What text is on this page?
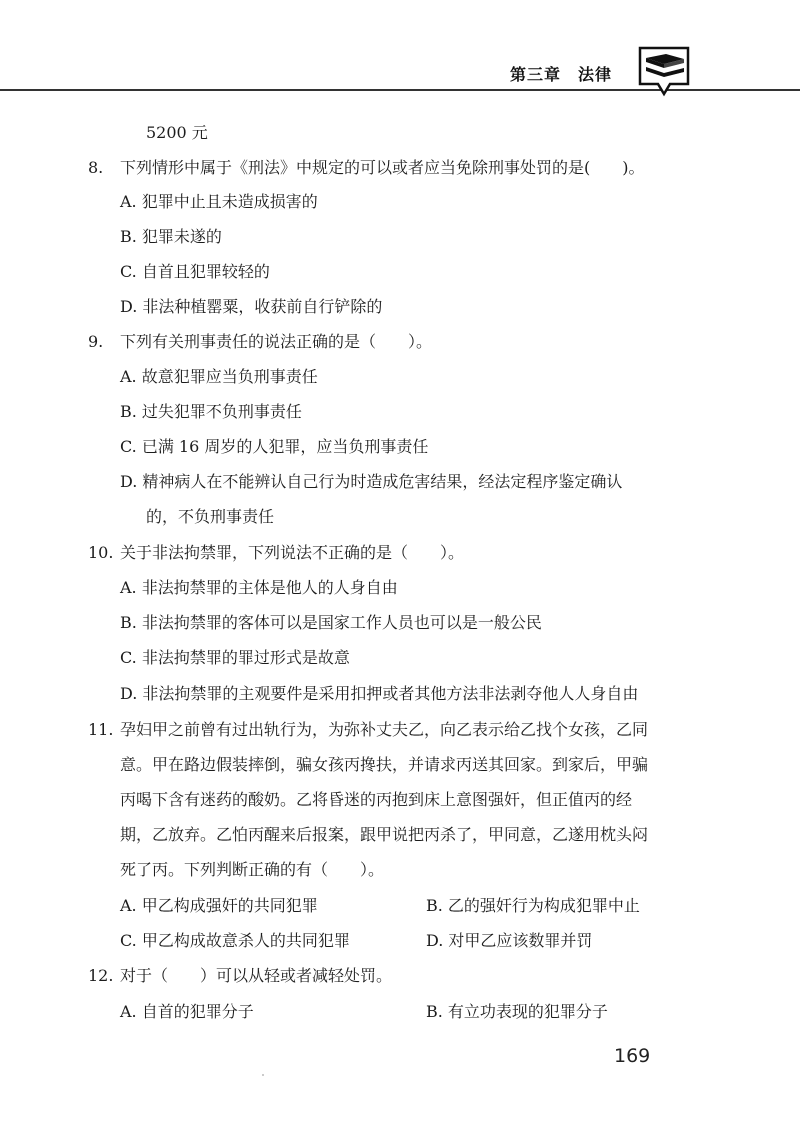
第三章　法律
5200 元
8. 下列情形中属于《刑法》中规定的可以或者应当免除刑事处罚的是(　　)。
A. 犯罪中止且未造成损害的
B. 犯罪未遂的
C. 自首且犯罪较轻的
D. 非法种植罂粟，收获前自行铲除的
9. 下列有关刑事责任的说法正确的是（　　）。
A. 故意犯罪应当负刑事责任
B. 过失犯罪不负刑事责任
C. 已满 16 周岁的人犯罪，应当负刑事责任
D. 精神病人在不能辨认自己行为时造成危害结果，经法定程序鉴定确认
的，不负刑事责任
10. 关于非法拘禁罪，下列说法不正确的是（　　）。
A. 非法拘禁罪的主体是他人的人身自由
B. 非法拘禁罪的客体可以是国家工作人员也可以是一般公民
C. 非法拘禁罪的罪过形式是故意
D. 非法拘禁罪的主观要件是采用扣押或者其他方法非法剥夺他人人身自由
11. 孕妇甲之前曾有过出轨行为，为弥补丈夫乙，向乙表示给乙找个女孩，乙同
意。甲在路边假装摔倒，骗女孩丙搀扶，并请求丙送其回家。到家后，甲骗
丙喝下含有迷药的酸奶。乙将昏迷的丙抱到床上意图强奸，但正值丙的经
期，乙放弃。乙怕丙醒来后报案，跟甲说把丙杀了，甲同意，乙遂用枕头闷
死了丙。下列判断正确的有（　　）。
A. 甲乙构成强奸的共同犯罪	B. 乙的强奸行为构成犯罪中止
C. 甲乙构成故意杀人的共同犯罪	D. 对甲乙应该数罪并罚
12. 对于（　　）可以从轻或者减轻处罚。
A. 自首的犯罪分子	B. 有立功表现的犯罪分子
169
